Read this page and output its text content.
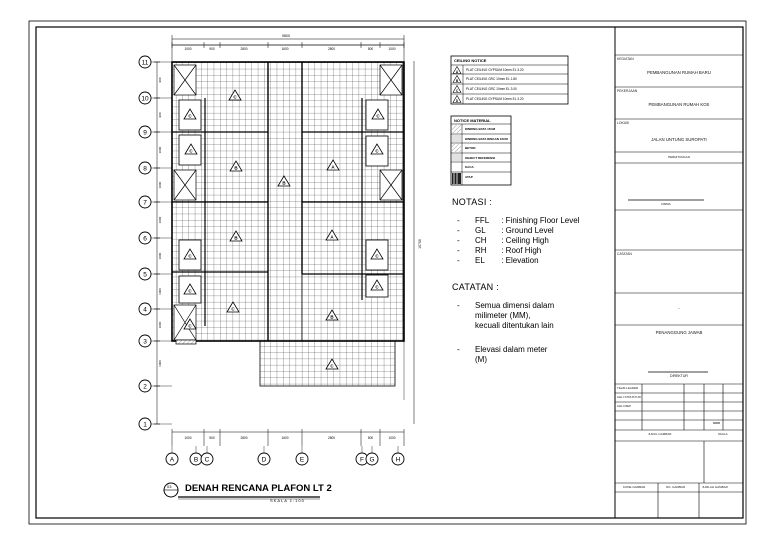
1000	900	2800	1600	2800	500	1000
1000	500	2800	1600	2800	500	1000
900
900
1000
1000
1000
1000
1000
1000
1000
C
C
B
C
B
C
A
C
C
B
C
C
A
C
C
B
C
C
A	B C	D	E	F G	H
11
10
9
8
7
6
5
4
3
2
1
A
B
C
D
DENAH RENCANA PLAFON LT 2
SKALA 1:100
03
9800
10700
CEILING NOTICE
PLAT CEILING GYPSUM 10mm EL 3.20
PLAT CEILING GRC 10mm EL 1.80
PLAT CEILING GRC 10mm EL 3.00
PLAT CEILING GYPSUM 10mm EL 3.20
NOTICE MATERIAL
DINDING BATA 15CM
DINDING BATA RINGAN 10CM
BETON
OBJECT REFERENSI
KACA
ATAP
NOTASI :
- FFL : Finishing Floor Level
- GL : Ground Level
- CH : Ceiling High
- RH : Roof High
- EL : Elevation
CATATAN :
- Semua dimensi dalam
milimeter (MM),
kecuali ditentukan lain
- Elevasi dalam meter
(M)
KEGIATAN
PEMBANGUNAN RUMAH BARU
PEKERJAAN
PEMBANGUNAN RUMAH KOS
LOKASI
JALAN UNTUNG SUROPATI
PERHITUNGAN
FIRMA
CATATAN
-
PENANGGUNG JAWAB
DIREKTUR
TEAM LEADER
AHLI STRUKTUR
AHLI MEP
JUDUL GAMBAR	SKALA
KODE GAMBAR	NO. GAMBAR	JUMLAH GAMBAR
